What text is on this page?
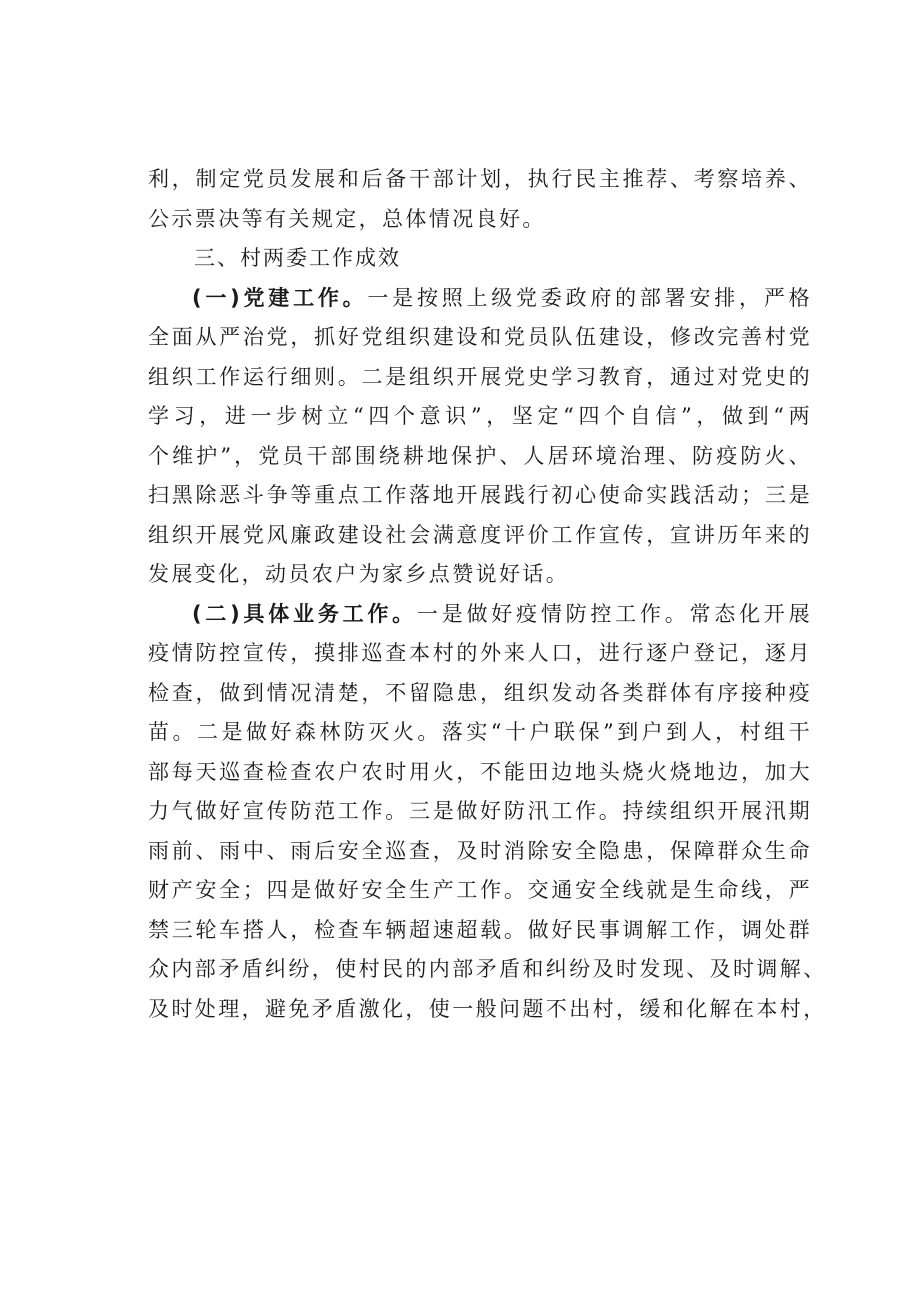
利，制定党员发展和后备干部计划，执行民主推荐、考察培养、
公示票决等有关规定，总体情况良好。
三、村两委工作成效
(一)党建工作。一是按照上级党委政府的部署安排，严格
全面从严治党，抓好党组织建设和党员队伍建设，修改完善村党
组织工作运行细则。二是组织开展党史学习教育，通过对党史的
学习，进一步树立“四个意识”，坚定“四个自信”，做到“两
个维护”，党员干部围绕耕地保护、人居环境治理、防疫防火、
扫黑除恶斗争等重点工作落地开展践行初心使命实践活动；三是
组织开展党风廉政建设社会满意度评价工作宣传，宣讲历年来的
发展变化，动员农户为家乡点赞说好话。
(二)具体业务工作。一是做好疫情防控工作。常态化开展
疫情防控宣传，摸排巡查本村的外来人口，进行逐户登记，逐月
检查，做到情况清楚，不留隐患，组织发动各类群体有序接种疫
苗。二是做好森林防灭火。落实“十户联保”到户到人，村组干
部每天巡查检查农户农时用火，不能田边地头烧火烧地边，加大
力气做好宣传防范工作。三是做好防汛工作。持续组织开展汛期
雨前、雨中、雨后安全巡查，及时消除安全隐患，保障群众生命
财产安全；四是做好安全生产工作。交通安全线就是生命线，严
禁三轮车搭人，检查车辆超速超载。做好民事调解工作，调处群
众内部矛盾纠纷，使村民的内部矛盾和纠纷及时发现、及时调解、
及时处理，避免矛盾激化，使一般问题不出村，缓和化解在本村，
